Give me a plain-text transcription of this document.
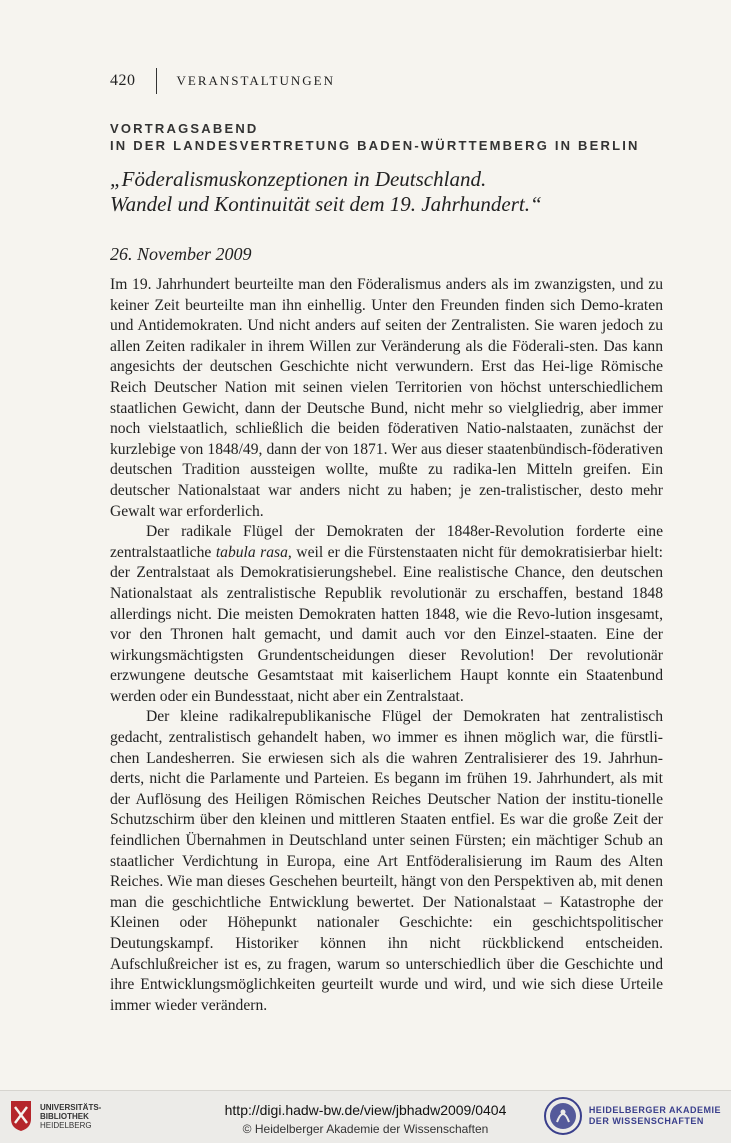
420	VERANSTALTUNGEN
VORTRAGSABEND
IN DER LANDESVERTRETUNG BADEN-WÜRTTEMBERG IN BERLIN
„Föderalismuskonzeptionen in Deutschland.
Wandel und Kontinuität seit dem 19. Jahrhundert.“
26. November 2009

Im 19. Jahrhundert beurteilte man den Föderalismus anders als im zwanzigsten, und zu keiner Zeit beurteilte man ihn einhellig. Unter den Freunden finden sich Demo-kraten und Antidemokraten. Und nicht anders auf seiten der Zentralisten. Sie waren jedoch zu allen Zeiten radikaler in ihrem Willen zur Veränderung als die Föderali-sten. Das kann angesichts der deutschen Geschichte nicht verwundern. Erst das Hei-lige Römische Reich Deutscher Nation mit seinen vielen Territorien von höchst unterschiedlichem staatlichen Gewicht, dann der Deutsche Bund, nicht mehr so vielgliedrig, aber immer noch vielstaatlich, schließlich die beiden föderativen Natio-nalstaaten, zunächst der kurzlebige von 1848/49, dann der von 1871. Wer aus dieser staatenbündisch-föderativen deutschen Tradition aussteigen wollte, mußte zu radika-len Mitteln greifen. Ein deutscher Nationalstaat war anders nicht zu haben; je zen-tralistischer, desto mehr Gewalt war erforderlich.

Der radikale Flügel der Demokraten der 1848er-Revolution forderte eine zentralstaatliche tabula rasa, weil er die Fürstenstaaten nicht für demokratisierbar hielt: der Zentralstaat als Demokratisierungshebel. Eine realistische Chance, den deutschen Nationalstaat als zentralistische Republik revolutionär zu erschaffen, bestand 1848 allerdings nicht. Die meisten Demokraten hatten 1848, wie die Revo-lution insgesamt, vor den Thronen halt gemacht, und damit auch vor den Einzel-staaten. Eine der wirkungsmächtigsten Grundentscheidungen dieser Revolution! Der revolutionär erzwungene deutsche Gesamtstaat mit kaiserlichem Haupt konnte ein Staatenbund werden oder ein Bundesstaat, nicht aber ein Zentralstaat.

Der kleine radikalrepublikanische Flügel der Demokraten hat zentralistisch gedacht, zentralistisch gehandelt haben, wo immer es ihnen möglich war, die fürstli-chen Landesherren. Sie erwiesen sich als die wahren Zentralisierer des 19. Jahrhun-derts, nicht die Parlamente und Parteien. Es begann im frühen 19. Jahrhundert, als mit der Auflösung des Heiligen Römischen Reiches Deutscher Nation der institu-tionelle Schutzschirm über den kleinen und mittleren Staaten entfiel. Es war die große Zeit der feindlichen Übernahmen in Deutschland unter seinen Fürsten; ein mächtiger Schub an staatlicher Verdichtung in Europa, eine Art Entföderalisierung im Raum des Alten Reiches. Wie man dieses Geschehen beurteilt, hängt von den Perspektiven ab, mit denen man die geschichtliche Entwicklung bewertet. Der Nationalstaat – Katastrophe der Kleinen oder Höhepunkt nationaler Geschichte: ein geschichtspolitischer Deutungskampf. Historiker können ihn nicht rückblickend entscheiden. Aufschlußreicher ist es, zu fragen, warum so unterschiedlich über die Geschichte und ihre Entwicklungsmöglichkeiten geurteilt wurde und wird, und wie sich diese Urteile immer wieder verändern.

UNIVERSITÄTS-
BIBLIOTHEK
HEIDELBERG
http://digi.hadw-bw.de/view/jbhadw2009/0404
© Heidelberger Akademie der Wissenschaften
HEIDELBERGER AKADEMIE
DER WISSENSCHAFTEN
